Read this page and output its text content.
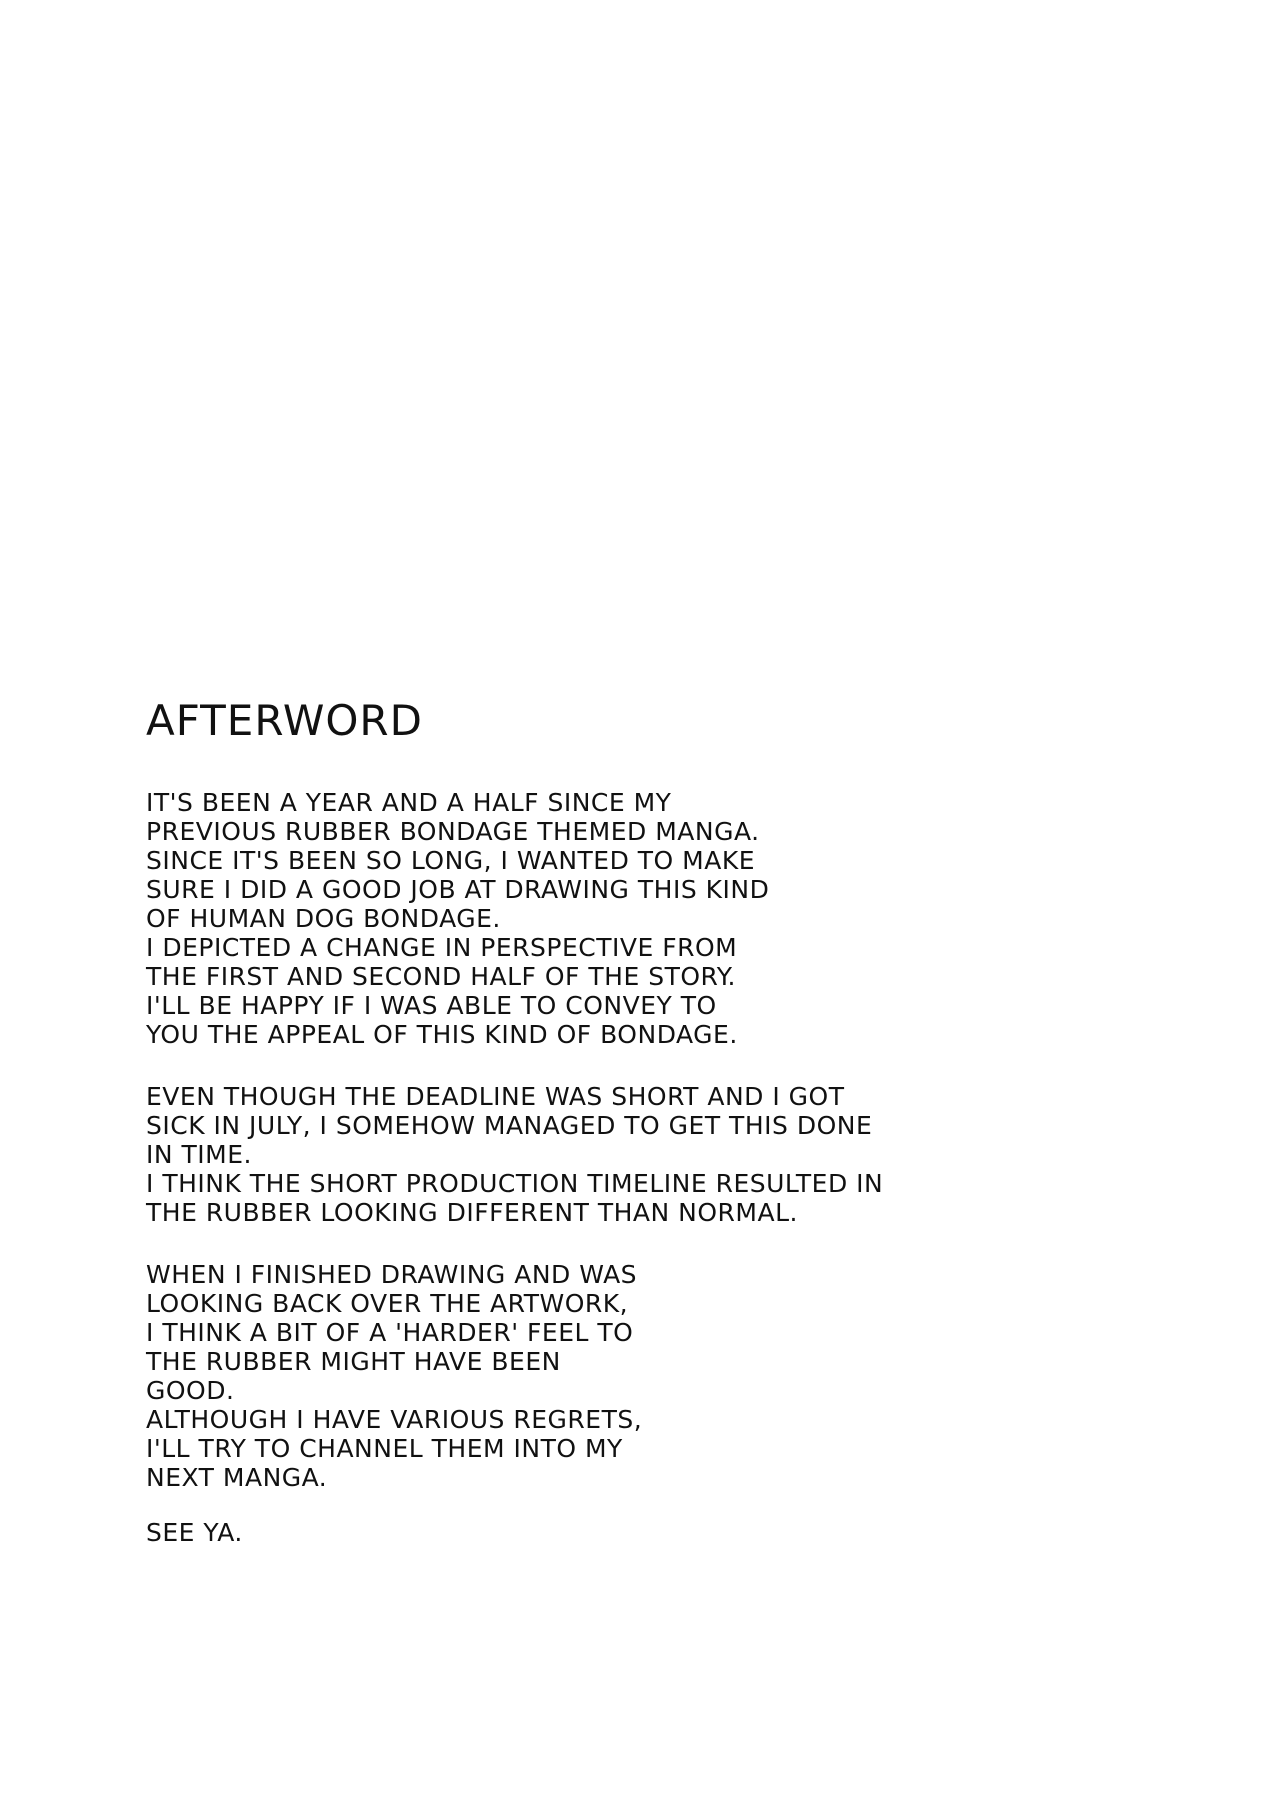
AFTERWORD
IT'S BEEN A YEAR AND A HALF SINCE MY
PREVIOUS RUBBER BONDAGE THEMED MANGA.
SINCE IT'S BEEN SO LONG, I WANTED TO MAKE
SURE I DID A GOOD JOB AT DRAWING THIS KIND
OF HUMAN DOG BONDAGE.
I DEPICTED A CHANGE IN PERSPECTIVE FROM
THE FIRST AND SECOND HALF OF THE STORY.
I'LL BE HAPPY IF I WAS ABLE TO CONVEY TO
YOU THE APPEAL OF THIS KIND OF BONDAGE.
EVEN THOUGH THE DEADLINE WAS SHORT AND I GOT
SICK IN JULY, I SOMEHOW MANAGED TO GET THIS DONE
IN TIME.
I THINK THE SHORT PRODUCTION TIMELINE RESULTED IN
THE RUBBER LOOKING DIFFERENT THAN NORMAL.
WHEN I FINISHED DRAWING AND WAS
LOOKING BACK OVER THE ARTWORK,
I THINK A BIT OF A 'HARDER' FEEL TO
THE RUBBER MIGHT HAVE BEEN
GOOD.
ALTHOUGH I HAVE VARIOUS REGRETS,
I'LL TRY TO CHANNEL THEM INTO MY
NEXT MANGA.
SEE YA.
